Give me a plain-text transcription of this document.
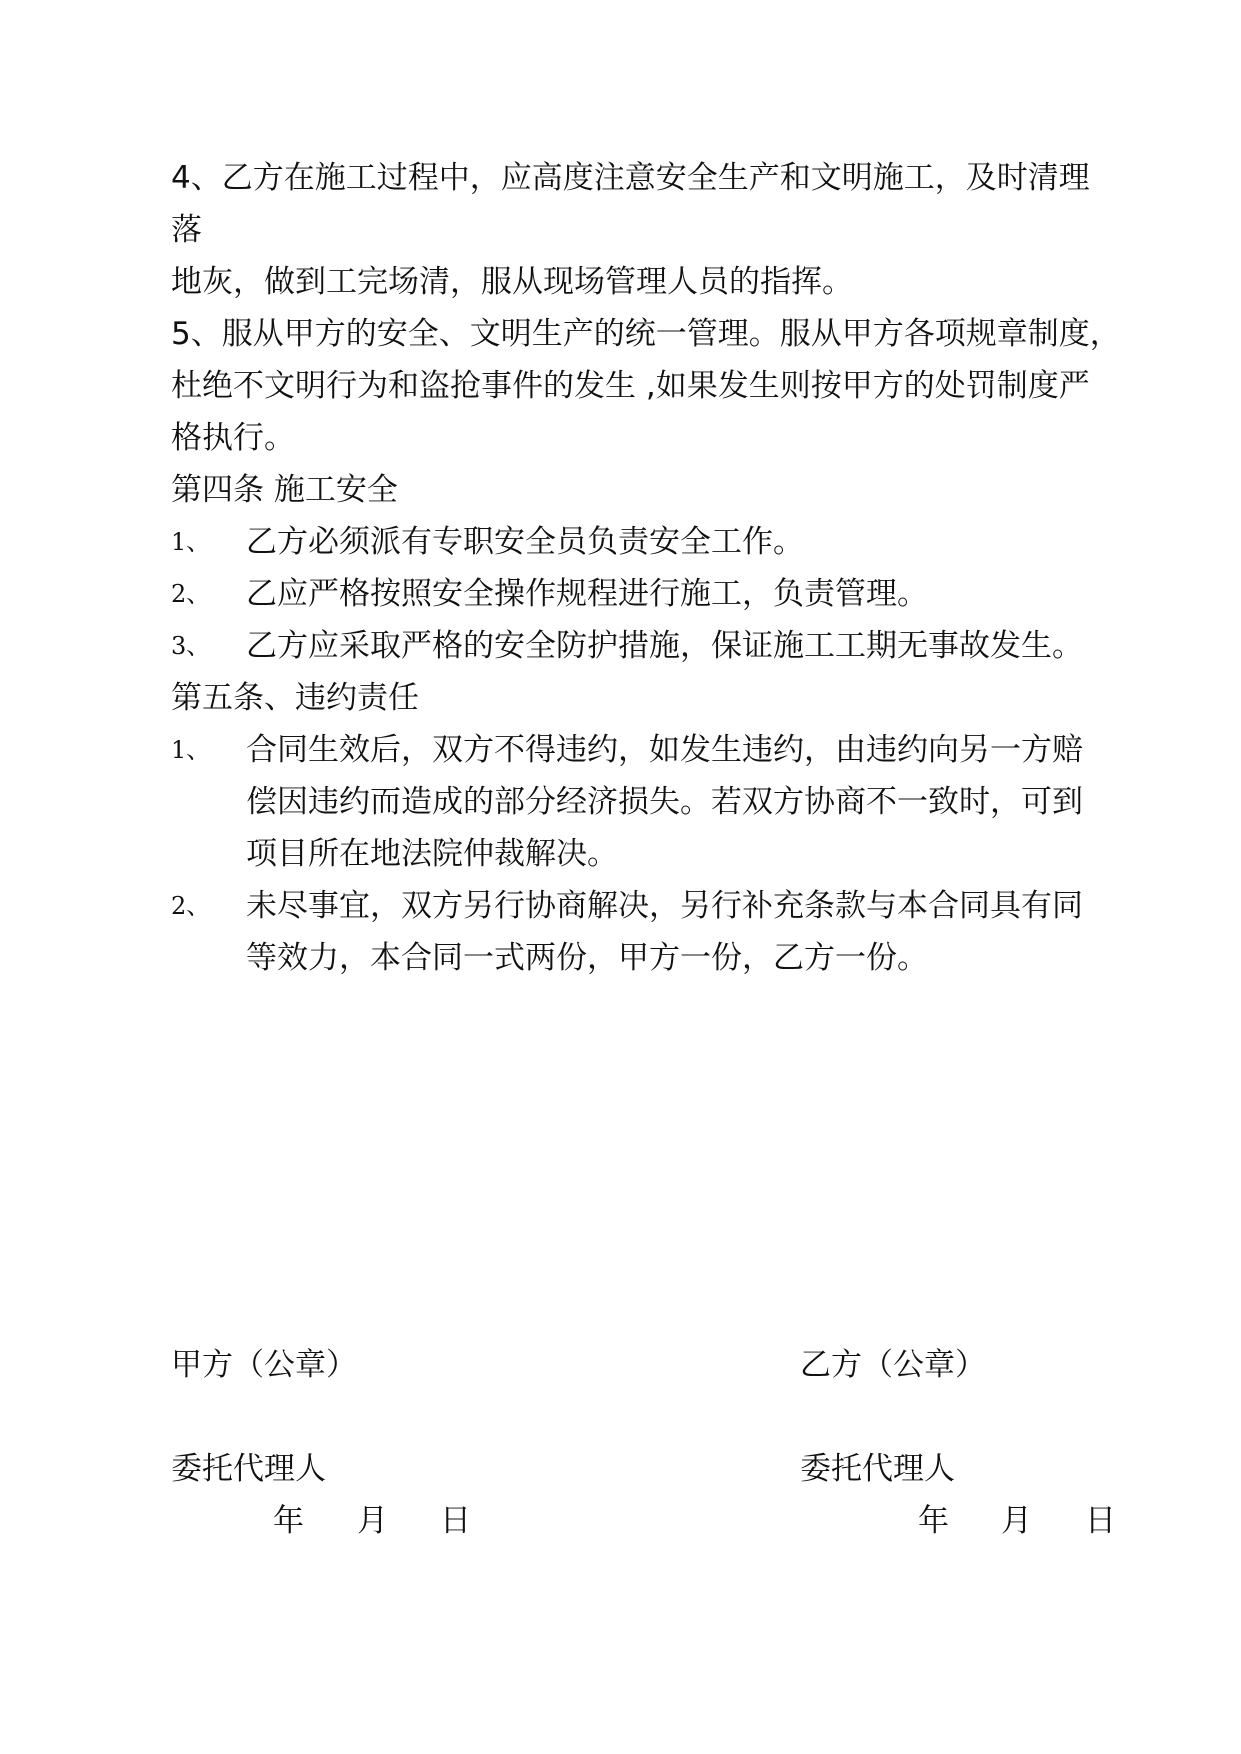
4、乙方在施工过程中，应高度注意安全生产和文明施工，及时清理
落
地灰，做到工完场清，服从现场管理人员的指挥。
5、服从甲方的安全、文明生产的统一管理。服从甲方各项规章制度，
杜绝不文明行为和盗抢事件的发生 ,如果发生则按甲方的处罚制度严
格执行。
第四条 施工安全
1、 乙方必须派有专职安全员负责安全工作。
2、 乙应严格按照安全操作规程进行施工，负责管理。
3、 乙方应采取严格的安全防护措施，保证施工工期无事故发生。
第五条、违约责任
1、 合同生效后，双方不得违约，如发生违约，由违约向另一方赔
偿因违约而造成的部分经济损失。若双方协商不一致时，可到
项目所在地法院仲裁解决。
2、 未尽事宜，双方另行协商解决，另行补充条款与本合同具有同
等效力，本合同一式两份，甲方一份，乙方一份。
甲方（公章）
委托代理人
年 月 日
乙方（公章）
委托代理人
年 月 日
